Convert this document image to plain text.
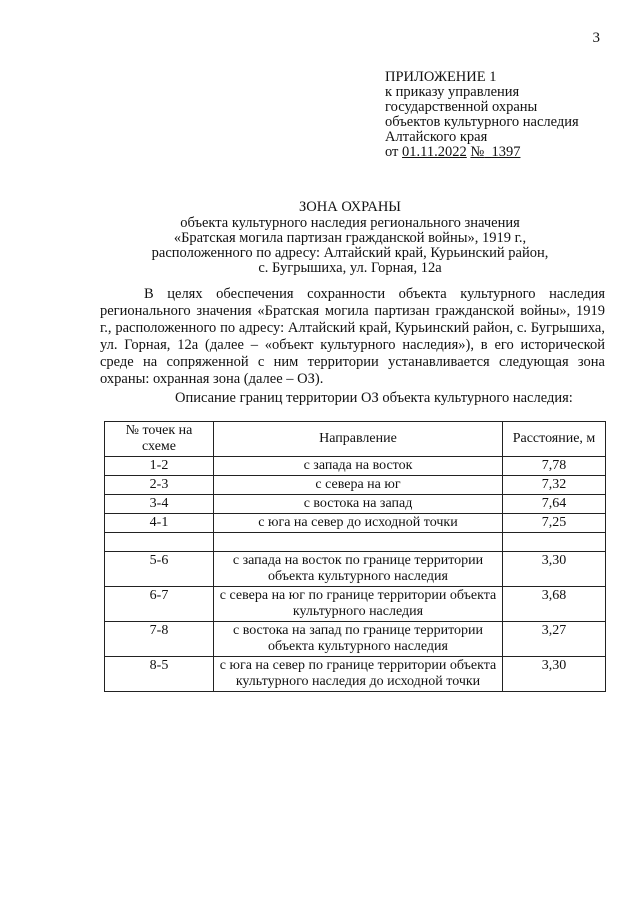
3
ПРИЛОЖЕНИЕ 1
к приказу управления
государственной охраны
объектов культурного наследия
Алтайского края
от 01.11.2022 № 1397
ЗОНА ОХРАНЫ
объекта культурного наследия регионального значения
«Братская могила партизан гражданской войны», 1919 г.,
расположенного по адресу: Алтайский край, Курьинский район,
с. Бугрышиха, ул. Горная, 12а

В целях обеспечения сохранности объекта культурного наследия регионального значения «Братская могила партизан гражданской войны», 1919 г., расположенного по адресу: Алтайский край, Курьинский район, с. Бугрышиха, ул. Горная, 12а (далее – «объект культурного наследия»), в его исторической среде на сопряженной с ним территории устанавливается следующая зона охраны: охранная зона (далее – ОЗ).

Описание границ территории ОЗ объекта культурного наследия:
№ точек на схеме	Направление	Расстояние, м
1-2	с запада на восток	7,78
2-3	с севера на юг	7,32
3-4	с востока на запад	7,64
4-1	с юга на север до исходной точки	7,25

5-6	с запада на восток по границе территории объекта культурного наследия	3,30
6-7	с севера на юг по границе территории объекта культурного наследия	3,68
7-8	с востока на запад по границе территории объекта культурного наследия	3,27
8-5	с юга на север по границе территории объекта культурного наследия до исходной точки	3,30
